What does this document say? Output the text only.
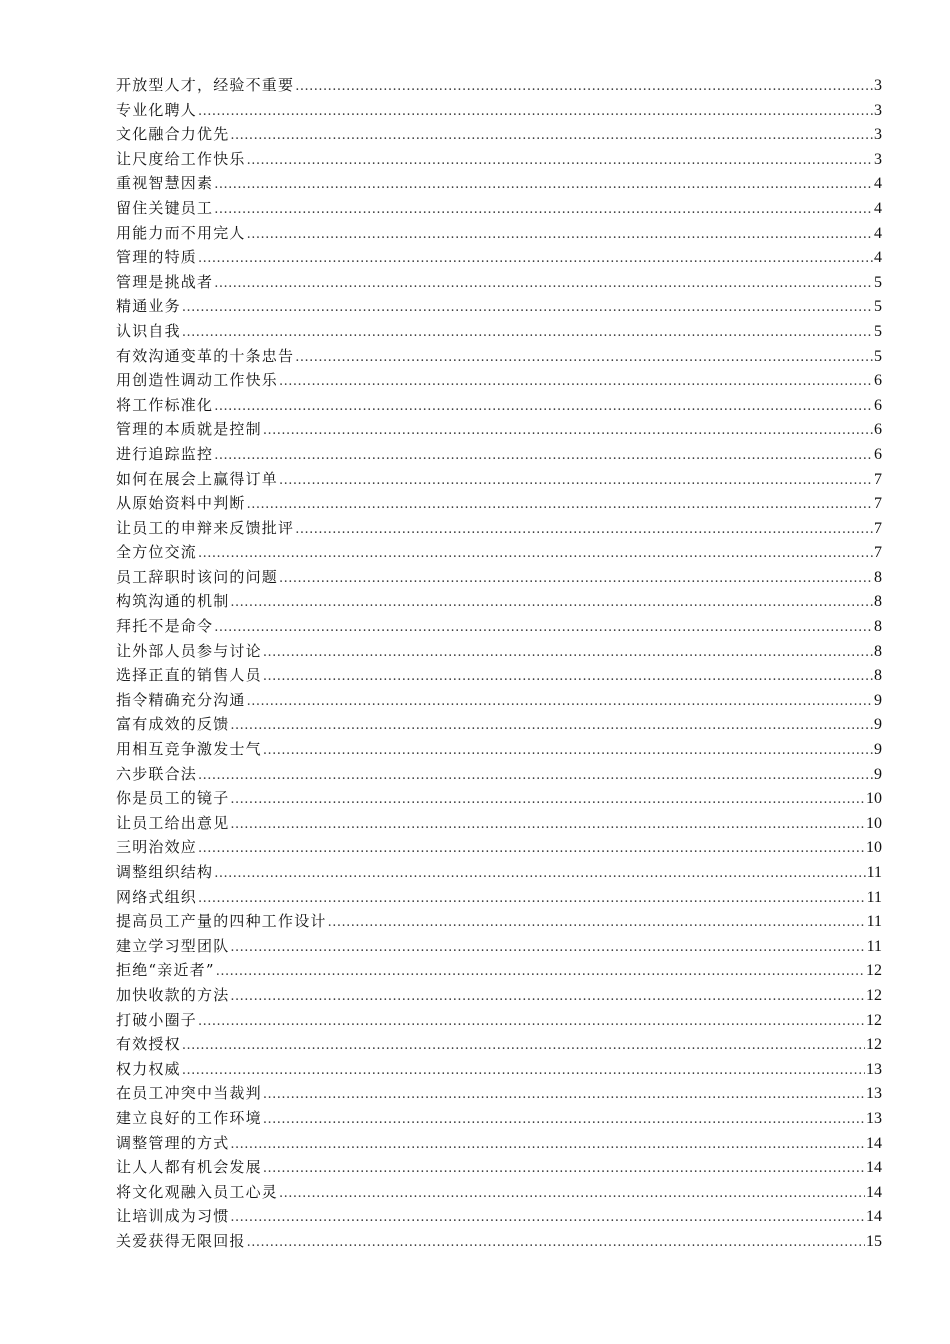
开放型人才，经验不重要 .....	3
专业化聘人 .....	3
文化融合力优先 .....	3
让尺度给工作快乐 .....	3
重视智慧因素 .....	4
留住关键员工 .....	4
用能力而不用完人 .....	4
管理的特质 .....	4
管理是挑战者 .....	5
精通业务 .....	5
认识自我 .....	5
有效沟通变革的十条忠告 .....	5
用创造性调动工作快乐 .....	6
将工作标准化 .....	6
管理的本质就是控制 .....	6
进行追踪监控 .....	6
如何在展会上赢得订单 .....	7
从原始资料中判断 .....	7
让员工的申辩来反馈批评 .....	7
全方位交流 .....	7
员工辞职时该问的问题 .....	8
构筑沟通的机制 .....	8
拜托不是命令 .....	8
让外部人员参与讨论 .....	8
选择正直的销售人员 .....	8
指令精确充分沟通 .....	9
富有成效的反馈 .....	9
用相互竞争激发士气 .....	9
六步联合法 .....	9
你是员工的镜子 .....	10
让员工给出意见 .....	10
三明治效应 .....	10
调整组织结构 .....	11
网络式组织 .....	11
提高员工产量的四种工作设计 .....	11
建立学习型团队 .....	11
拒绝“亲近者” .....	12
加快收款的方法 .....	12
打破小圈子 .....	12
有效授权 .....	12
权力权威 .....	13
在员工冲突中当裁判 .....	13
建立良好的工作环境 .....	13
调整管理的方式 .....	14
让人人都有机会发展 .....	14
将文化观融入员工心灵 .....	14
让培训成为习惯 .....	14
关爱获得无限回报 .....	15
